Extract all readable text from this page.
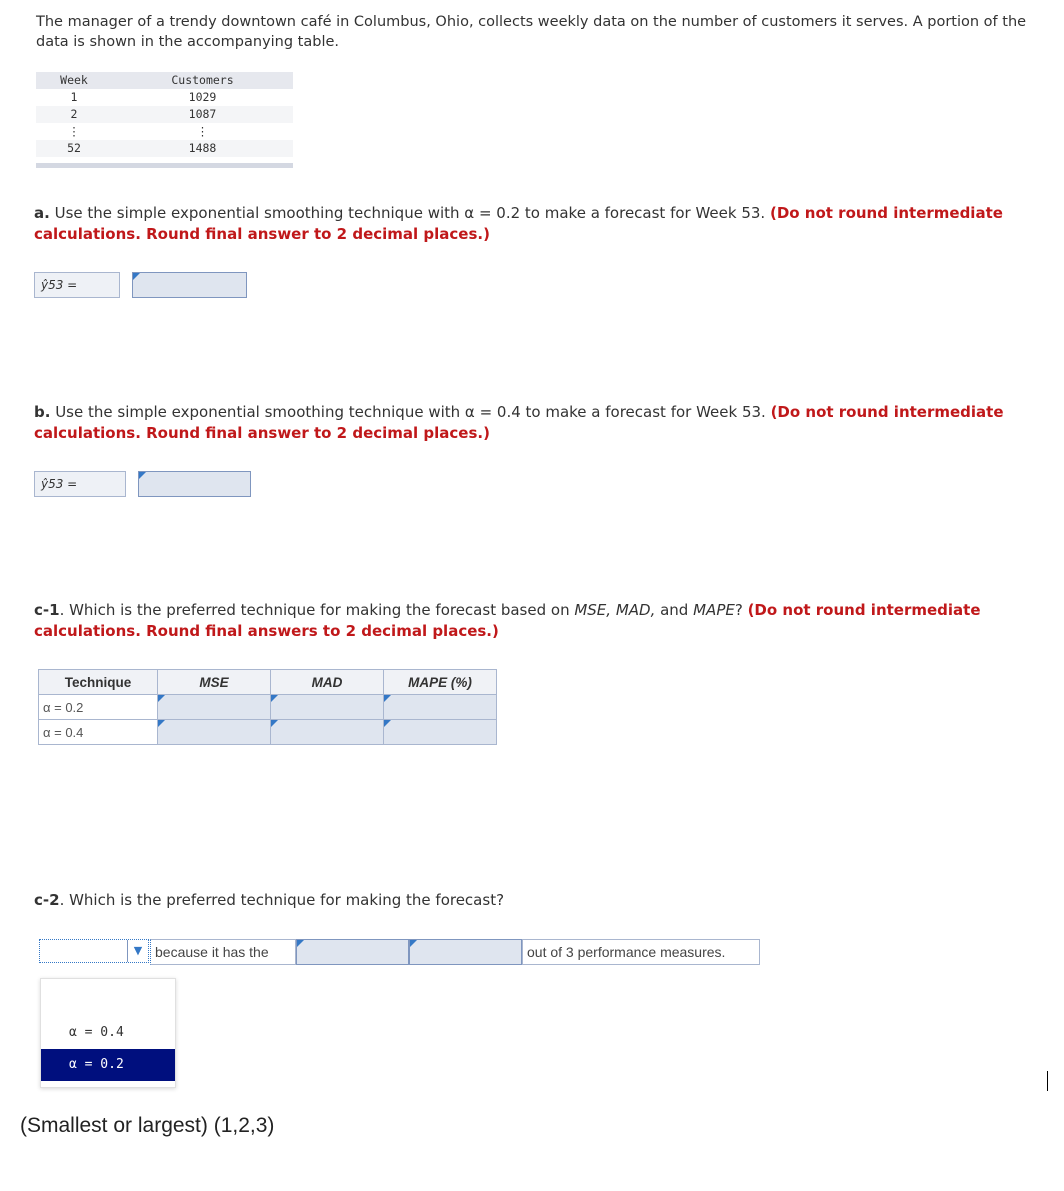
The manager of a trendy downtown café in Columbus, Ohio, collects weekly data on the number of customers it serves. A portion of the data is shown in the accompanying table.
Week	Customers
1	1029
2	1087
⋮	⋮
52	1488
a. Use the simple exponential smoothing technique with α = 0.2 to make a forecast for Week 53. (Do not round intermediate calculations. Round final answer to 2 decimal places.)
ŷ53 =
b. Use the simple exponential smoothing technique with α = 0.4 to make a forecast for Week 53. (Do not round intermediate calculations. Round final answer to 2 decimal places.)
ŷ53 =
c-1. Which is the preferred technique for making the forecast based on MSE, MAD, and MAPE? (Do not round intermediate calculations. Round final answers to 2 decimal places.)
Technique	MSE	MAD	MAPE (%)
α = 0.2			
α = 0.4			
c-2. Which is the preferred technique for making the forecast?
▼ because it has the	out of 3 performance measures.
α = 0.4
α = 0.2
(Smallest or largest) (1,2,3)
